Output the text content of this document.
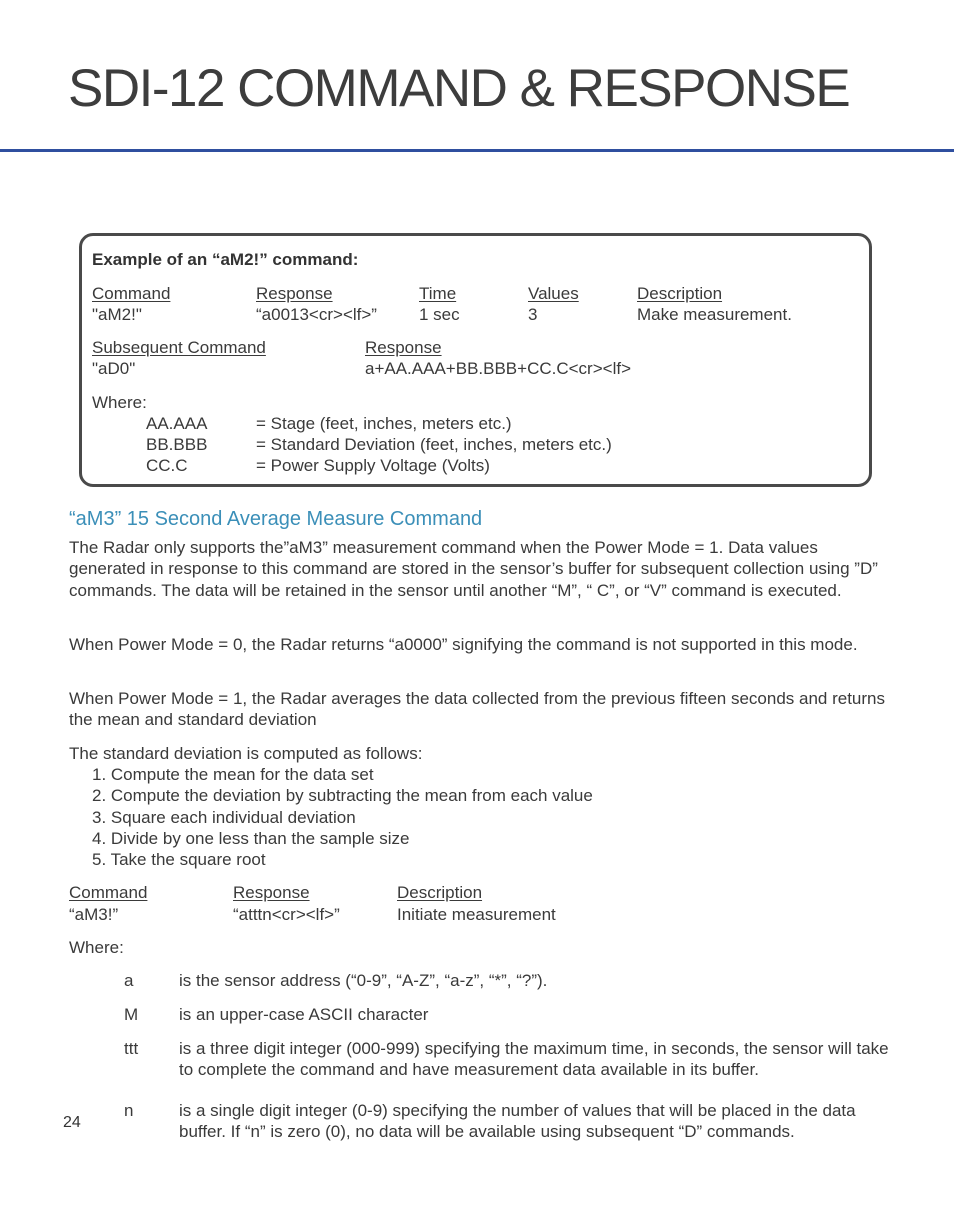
SDI-12 COMMAND & RESPONSE
Example of an “aM2!” command:
Command	Response	Time	Values	Description
"aM2!"	“a0013<cr><lf>” 1 sec	3	Make measurement.
Subsequent Command	Response
"aD0"	a+AA.AAA+BB.BBB+CC.C<cr><lf>
Where:
AA.AAA	= Stage (feet, inches, meters etc.)
BB.BBB	= Standard Deviation (feet, inches, meters etc.)
CC.C	= Power Supply Voltage (Volts)
“aM3” 15 Second Average Measure Command

The Radar only supports the”aM3” measurement command when the Power Mode = 1. Data values generated in response to this command are stored in the sensor’s buffer for subsequent collection using ”D” commands. The data will be retained in the sensor until another “M”, “ C”, or “V” command is executed.

When Power Mode = 0, the Radar returns “a0000” signifying the command is not supported in this mode.

When Power Mode = 1, the Radar averages the data collected from the previous fifteen seconds and returns the mean and standard deviation

The standard deviation is computed as follows:

1. Compute the mean for the data set
2. Compute the deviation by subtracting the mean from each value
3. Square each individual deviation
4. Divide by one less than the sample size
5. Take the square root
Command	Response	Description
“aM3!”	“atttn<cr><lf>”	Initiate measurement
Where:
a	is the sensor address (“0-9”, “A-Z”, “a-z”, “*”, “?”).

M is an upper-case ASCII character

ttt is a three digit integer (000-999) specifying the maximum time, in seconds, the sensor will take to complete the command and have measurement data available in its buffer.

n	is a single digit integer (0-9) specifying the number of values that will be placed in the data buffer. If “n” is zero (0), no data will be available using subsequent “D” commands.

24
